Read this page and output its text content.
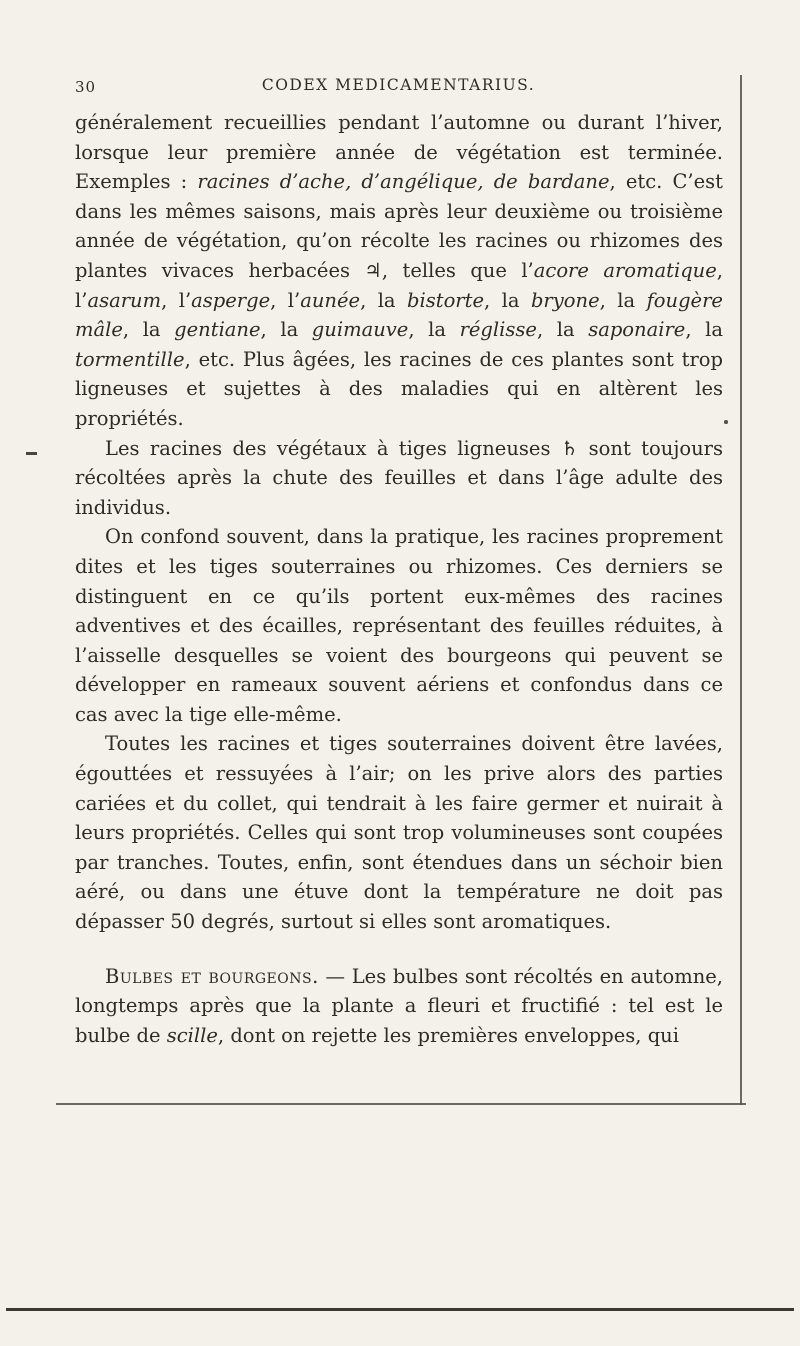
30	CODEX MEDICAMENTARIUS.

généralement recueillies pendant l’automne ou durant l’hiver, lorsque leur première année de végétation est terminée. Exemples : racines d’ache, d’angélique, de bardane, etc. C’est dans les mêmes saisons, mais après leur deuxième ou troisième année de végétation, qu’on récolte les racines ou rhizomes des plantes vivaces herbacées ♃, telles que l’acore aromatique, l’asarum, l’asperge, l’aunée, la bistorte, la bryone, la fougère mâle, la gentiane, la guimauve, la réglisse, la saponaire, la tormentille, etc. Plus âgées, les racines de ces plantes sont trop ligneuses et sujettes à des maladies qui en altèrent les propriétés.

Les racines des végétaux à tiges ligneuses ♄ sont toujours récoltées après la chute des feuilles et dans l’âge adulte des individus.

On confond souvent, dans la pratique, les racines proprement dites et les tiges souterraines ou rhizomes. Ces derniers se distinguent en ce qu’ils portent eux-mêmes des racines adventives et des écailles, représentant des feuilles réduites, à l’aisselle desquelles se voient des bourgeons qui peuvent se développer en rameaux souvent aériens et confondus dans ce cas avec la tige elle-même.

Toutes les racines et tiges souterraines doivent être lavées, égouttées et ressuyées à l’air; on les prive alors des parties cariées et du collet, qui tendrait à les faire germer et nuirait à leurs propriétés. Celles qui sont trop volumineuses sont coupées par tranches. Toutes, enfin, sont étendues dans un séchoir bien aéré, ou dans une étuve dont la température ne doit pas dépasser 50 degrés, surtout si elles sont aromatiques.

Bulbes et bourgeons. — Les bulbes sont récoltés en automne, longtemps après que la plante a fleuri et fructifié : tel est le bulbe de scille, dont on rejette les premières enveloppes, qui
